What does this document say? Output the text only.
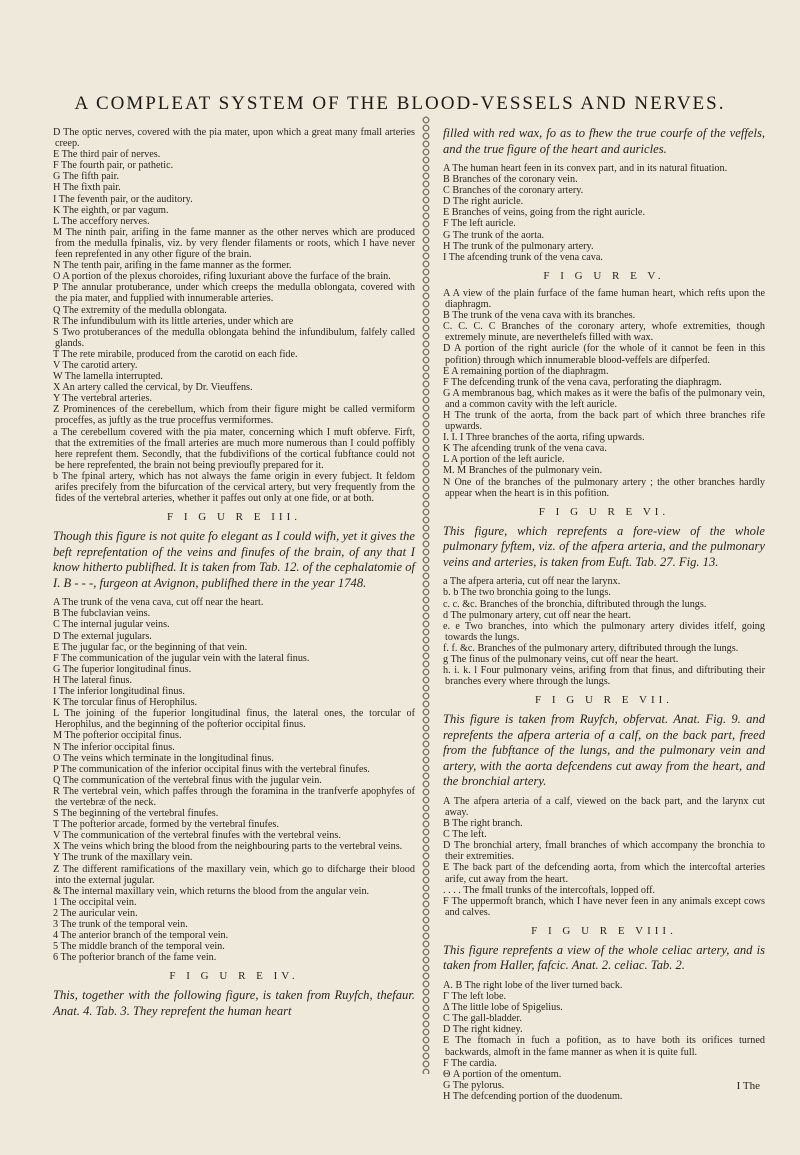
A COMPLEAT SYSTEM OF THE BLOOD-VESSELS AND NERVES.

D The optic nerves, covered with the pia mater, upon which a great many fmall arteries creep.

E The third pair of nerves.

F The fourth pair, or pathetic.

G The fifth pair.

H The fixth pair.

I The feventh pair, or the auditory.

K The eighth, or par vagum.

L The acceffory nerves.

M The ninth pair, arifing in the fame manner as the other nerves which are produced from the medulla fpinalis, viz. by very flender filaments or roots, which I have never feen reprefented in any other figure of the brain.

N The tenth pair, arifing in the fame manner as the former.

O A portion of the plexus choroides, rifing luxuriant above the furface of the brain.

P The annular protuberance, under which creeps the medulla oblongata, covered with the pia mater, and fupplied with innumerable arteries.

Q The extremity of the medulla oblongata.

R The infundibulum with its little arteries, under which are

S Two protuberances of the medulla oblongata behind the infundibulum, falfely called glands.

T The rete mirabile, produced from the carotid on each fide.

V The carotid artery.

W The lamella interrupted.

X An artery called the cervical, by Dr. Vieuffens.

Y The vertebral arteries.

Z Prominences of the cerebellum, which from their figure might be called vermiform proceffes, as juftly as the true proceffus vermiformes.

a The cerebellum covered with the pia mater, concerning which I muft obferve. Firft, that the extremities of the fmall arteries are much more numerous than I could poffibly here reprefent them. Secondly, that the fubdivifions of the cortical fubftance could not be here reprefented, the brain not being previoufly prepared for it.

b The fpinal artery, which has not always the fame origin in every fubject. It feldom arifes precifely from the bifurcation of the cervical artery, but very frequently from the fides of the vertebral arteries, whether it paffes out only at one fide, or at both.

F I G U R E III.

Though this figure is not quite fo elegant as I could wifh, yet it gives the beft reprefentation of the veins and finufes of the brain, of any that I know hitherto publifhed. It is taken from Tab. 12. of the cephalatomie of I. B - - -, furgeon at Avignon, publifhed there in the year 1748.

A The trunk of the vena cava, cut off near the heart.

B The fubclavian veins.

C The internal jugular veins.

D The external jugulars.

E The jugular fac, or the beginning of that vein.

F The communication of the jugular vein with the lateral finus.

G The fuperior longitudinal finus.

H The lateral finus.

I The inferior longitudinal finus.

K The torcular finus of Herophilus.

L The joining of the fuperior longitudinal finus, the lateral ones, the torcular of Herophilus, and the beginning of the pofterior occipital finus.

M The pofterior occipital finus.

N The inferior occipital finus.

O The veins which terminate in the longitudinal finus.

P The communication of the inferior occipital finus with the vertebral finufes.

Q The communication of the vertebral finus with the jugular vein.

R The vertebral vein, which paffes through the foramina in the tranfverfe apophyfes of the vertebræ of the neck.

S The beginning of the vertebral finufes.

T The pofterior arcade, formed by the vertebral finufes.

V The communication of the vertebral finufes with the vertebral veins.

X The veins which bring the blood from the neighbouring parts to the vertebral veins.

Y The trunk of the maxillary vein.

Z The different ramifications of the maxillary vein, which go to difcharge their blood into the external jugular.

& The internal maxillary vein, which returns the blood from the angular vein.

1 The occipital vein.

2 The auricular vein.

3 The trunk of the temporal vein.

4 The anterior branch of the temporal vein.

5 The middle branch of the temporal vein.

6 The pofterior branch of the fame vein.

F I G U R E IV.

This, together with the following figure, is taken from Ruyfch, thefaur. Anat. 4. Tab. 3. They reprefent the human heart

filled with red wax, fo as to fhew the true courfe of the veffels, and the true figure of the heart and auricles.

A The human heart feen in its convex part, and in its natural fituation.

B Branches of the coronary vein.

C Branches of the coronary artery.

D The right auricle.

E Branches of veins, going from the right auricle.

F The left auricle.

G The trunk of the aorta.

H The trunk of the pulmonary artery.

I The afcending trunk of the vena cava.

F I G U R E V.

A A view of the plain furface of the fame human heart, which refts upon the diaphragm.

B The trunk of the vena cava with its branches.

C. C. C. C Branches of the coronary artery, whofe extremities, though extremely minute, are neverthelefs filled with wax.

D A portion of the right auricle (for the whole of it cannot be feen in this pofition) through which innumerable blood-veffels are difperfed.

E A remaining portion of the diaphragm.

F The defcending trunk of the vena cava, perforating the diaphragm.

G A membranous bag, which makes as it were the bafis of the pulmonary vein, and a common cavity with the left auricle.

H The trunk of the aorta, from the back part of which three branches rife upwards.

I. I. I Three branches of the aorta, rifing upwards.

K The afcending trunk of the vena cava.

L A portion of the left auricle.

M. M Branches of the pulmonary vein.

N One of the branches of the pulmonary artery ; the other branches hardly appear when the heart is in this pofition.

F I G U R E VI.

This figure, which reprefents a fore-view of the whole pulmonary fyftem, viz. of the afpera arteria, and the pulmonary veins and arteries, is taken from Euft. Tab. 27. Fig. 13.

a The afpera arteria, cut off near the larynx.

b. b The two bronchia going to the lungs.

c. c. &c. Branches of the bronchia, diftributed through the lungs.

d The pulmonary artery, cut off near the heart.

e. e Two branches, into which the pulmonary artery divides itfelf, going towards the lungs.

f. f. &c. Branches of the pulmonary artery, diftributed through the lungs.

g The finus of the pulmonary veins, cut off near the heart.

h. i. k. l Four pulmonary veins, arifing from that finus, and diftributing their branches every where through the lungs.

F I G U R E VII.

This figure is taken from Ruyfch, obfervat. Anat. Fig. 9. and reprefents the afpera arteria of a calf, on the back part, freed from the fubftance of the lungs, and the pulmonary vein and artery, with the aorta defcendens cut away from the heart, and the bronchial artery.

A The afpera arteria of a calf, viewed on the back part, and the larynx cut away.

B The right branch.

C The left.

D The bronchial artery, fmall branches of which accompany the bronchia to their extremities.

E The back part of the defcending aorta, from which the intercoftal arteries arife, cut away from the heart.

. . . . The fmall trunks of the intercoftals, lopped off.

F The uppermoft branch, which I have never feen in any animals except cows and calves.

F I G U R E VIII.

This figure reprefents a view of the whole celiac artery, and is taken from Haller, fafcic. Anat. 2. celiac. Tab. 2.

A. B The right lobe of the liver turned back.

Γ The left lobe.

Δ The little lobe of Spigelius.

C The gall-bladder.

D The right kidney.

E The ftomach in fuch a pofition, as to have both its orifices turned backwards, almoft in the fame manner as when it is quite full.

F The cardia.

Θ A portion of the omentum.

G The pylorus.

H The defcending portion of the duodenum.

I The
